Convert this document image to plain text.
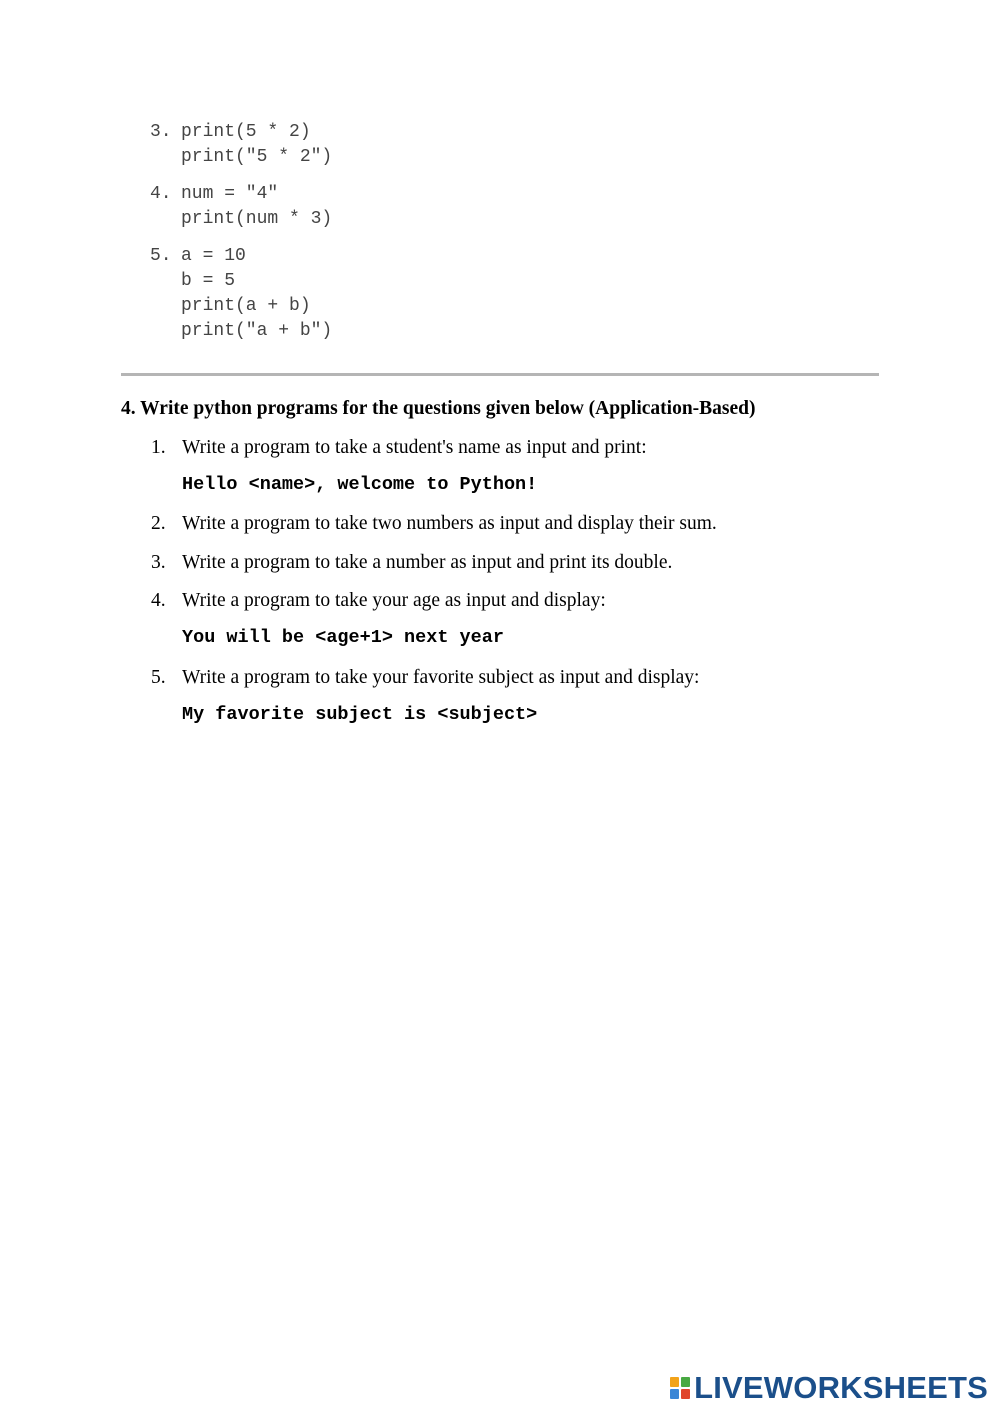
3. print(5 * 2)
print("5 * 2")
4. num = "4"
print(num * 3)
5. a = 10
b = 5
print(a + b)
print("a + b")
4. Write python programs for the questions given below (Application-Based)
1. Write a program to take a student's name as input and print:
Hello <name>, welcome to Python!
2. Write a program to take two numbers as input and display their sum.
3. Write a program to take a number as input and print its double.
4. Write a program to take your age as input and display:
You will be <age+1> next year
5. Write a program to take your favorite subject as input and display:
My favorite subject is <subject>
LIVEWORKSHEETS
